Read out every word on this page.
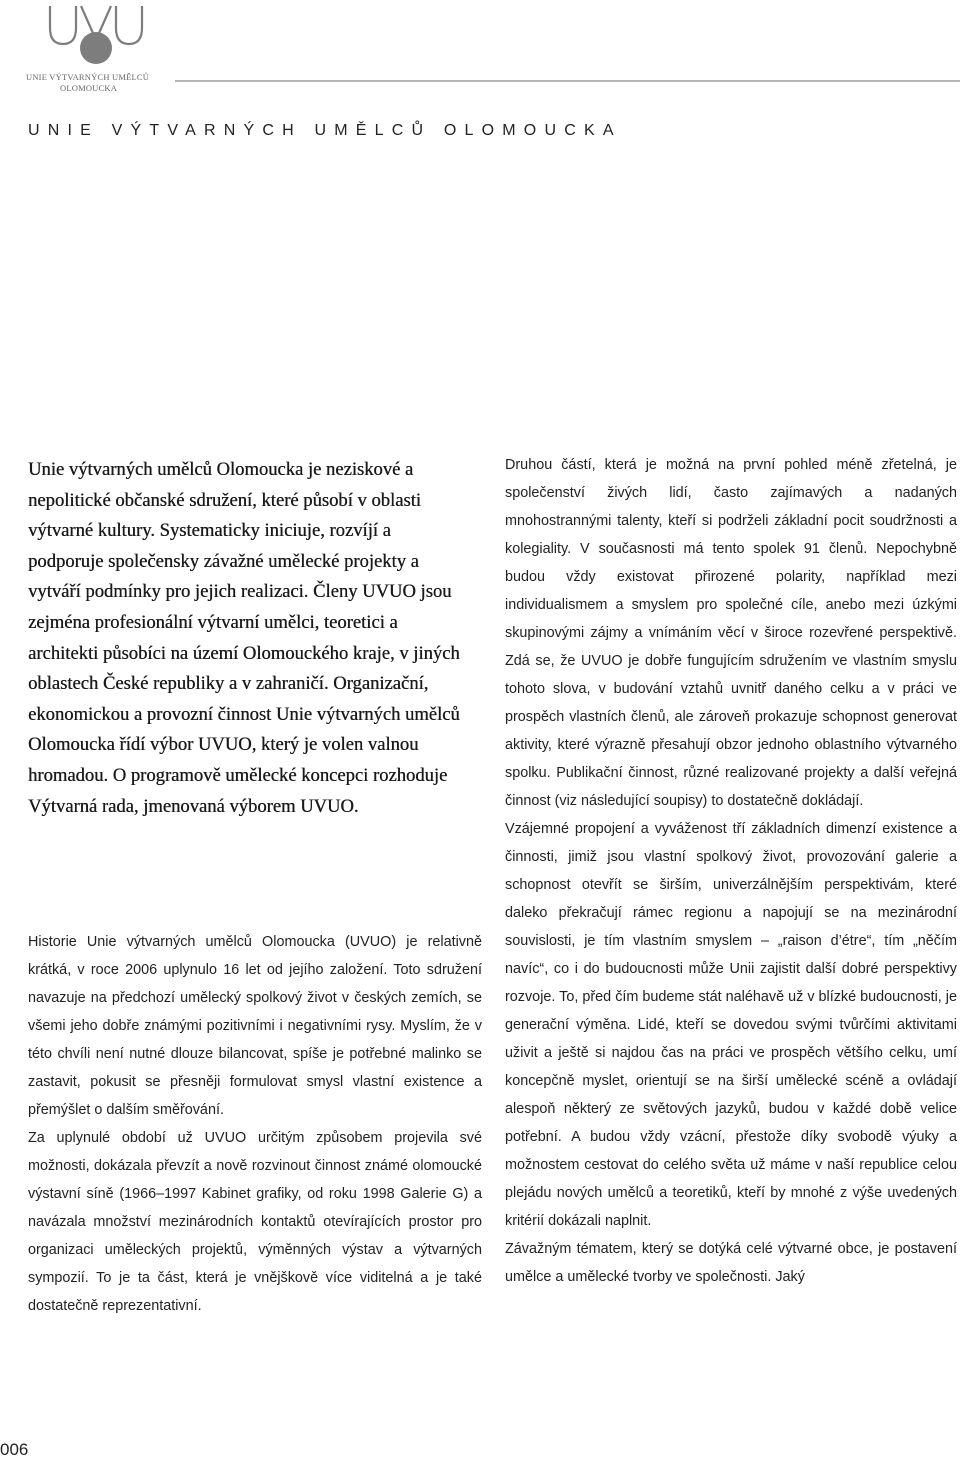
UNIE VÝTVARNÝCH UMĚLCŮ
OLOMOUCKA
UNIE VÝTVARNÝCH UMĚLCŮ OLOMOUCKA
Unie výtvarných umělců Olomoucka je neziskové a nepolitické občanské sdružení, které působí v oblasti výtvarné kultury. Systematicky iniciuje, rozvíjí a podporuje společensky závažné umělecké projekty a vytváří podmínky pro jejich realizaci. Členy UVUO jsou zejména profesionální výtvarní umělci, teoretici a architekti působíci na území Olomouckého kraje, v jiných oblastech České republiky a v zahraničí. Organizační, ekonomickou a provozní činnost Unie výtvarných umělců Olomoucka řídí výbor UVUO, který je volen valnou hromadou. O programově umělecké koncepci rozhoduje Výtvarná rada, jmenovaná výborem UVUO.

Historie Unie výtvarných umělců Olomoucka (UVUO) je relativně krátká, v roce 2006 uplynulo 16 let od jejího založení. Toto sdružení navazuje na předchozí umělecký spolkový život v českých zemích, se všemi jeho dobře známými pozitivními i negativními rysy. Myslím, že v této chvíli není nutné dlouze bilancovat, spíše je potřebné malinko se zastavit, pokusit se přesněji formulovat smysl vlastní existence a přemýšlet o dalším směřování.

Za uplynulé období už UVUO určitým způsobem projevila své možnosti, dokázala převzít a nově rozvinout činnost známé olomoucké výstavní síně (1966–1997 Kabinet grafiky, od roku 1998 Galerie G) a navázala množství mezinárodních kontaktů otevírajících prostor pro organizaci uměleckých projektů, výměnných výstav a výtvarných sympozií. To je ta část, která je vnějškově více viditelná a je také dostatečně reprezentativní.

Druhou částí, která je možná na první pohled méně zřetelná, je společenství živých lidí, často zajímavých a nadaných mnohostrannými talenty, kteří si podrželi základní pocit soudržnosti a kolegiality. V současnosti má tento spolek 91 členů. Nepochybně budou vždy existovat přirozené polarity, například mezi individualismem a smyslem pro společné cíle, anebo mezi úzkými skupinovými zájmy a vnímáním věcí v široce rozevřené perspektivě. Zdá se, že UVUO je dobře fungujícím sdružením ve vlastním smyslu tohoto slova, v budování vztahů uvnitř daného celku a v práci ve prospěch vlastních členů, ale zároveň prokazuje schopnost generovat aktivity, které výrazně přesahují obzor jednoho oblastního výtvarného spolku. Publikační činnost, různé realizované projekty a další veřejná činnost (viz následující soupisy) to dostatečně dokládají.

Vzájemné propojení a vyváženost tří základních dimenzí existence a činnosti, jimiž jsou vlastní spolkový život, provozování galerie a schopnost otevřít se širším, univerzálnějším perspektivám, které daleko překračují rámec regionu a napojují se na mezinárodní souvislosti, je tím vlastním smyslem – „raison d’étre“, tím „něčím navíc“, co i do budoucnosti může Unii zajistit další dobré perspektivy rozvoje. To, před čím budeme stát naléhavě už v blízké budoucnosti, je generační výměna. Lidé, kteří se dovedou svými tvůrčími aktivitami uživit a ještě si najdou čas na práci ve prospěch většího celku, umí koncepčně myslet, orientují se na širší umělecké scéně a ovládají alespoň některý ze světových jazyků, budou v každé době velice potřební. A budou vždy vzácní, přestože díky svobodě výuky a možnostem cestovat do celého světa už máme v naší republice celou plejádu nových umělců a teoretiků, kteří by mnohé z výše uvedených kritérií dokázali naplnit.

Závažným tématem, který se dotýká celé výtvarné obce, je postavení umělce a umělecké tvorby ve společnosti. Jaký

006
